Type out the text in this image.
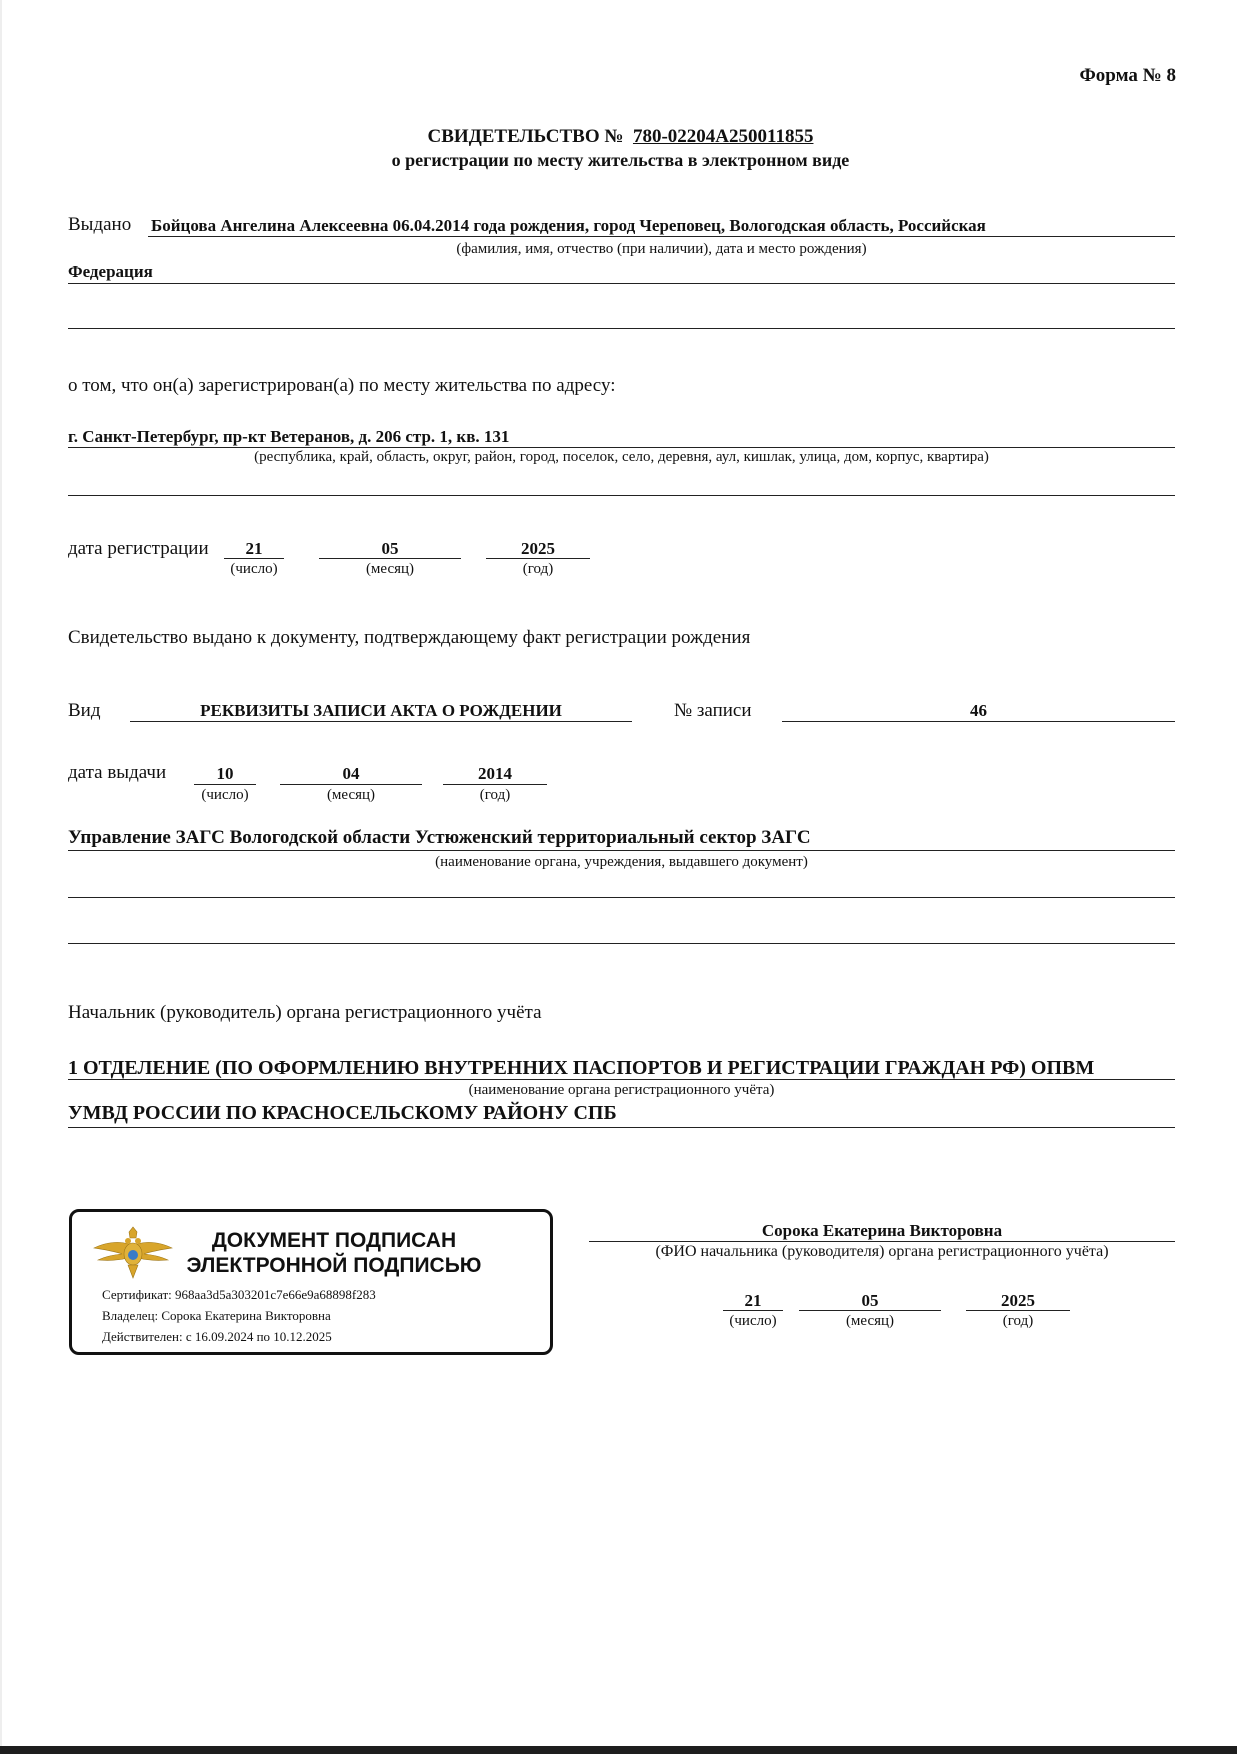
Форма № 8
СВИДЕТЕЛЬСТВО № 780-02204А250011855
о регистрации по месту жительства в электронном виде
Выдано Бойцова Ангелина Алексеевна 06.04.2014 года рождения, город Череповец, Вологодская область, Российская
(фамилия, имя, отчество (при наличии), дата и место рождения)
Федерация
о том, что он(а) зарегистрирован(а) по месту жительства по адресу:
г. Санкт-Петербург, пр-кт Ветеранов, д. 206 стр. 1, кв. 131
(республика, край, область, округ, район, город, поселок, село, деревня, аул, кишлак, улица, дом, корпус, квартира)
дата регистрации	21
(число)
05
(месяц)
2025
(год)
Свидетельство выдано к документу, подтверждающему факт регистрации рождения
Вид	РЕКВИЗИТЫ ЗАПИСИ АКТА О РОЖДЕНИИ	№ записи	46
дата выдачи	10
(число)
04
(месяц)
2014
(год)
Управление ЗАГС Вологодской области Устюженский территориальный сектор ЗАГС
(наименование органа, учреждения, выдавшего документ)
Начальник (руководитель) органа регистрационного учёта
1 ОТДЕЛЕНИЕ (ПО ОФОРМЛЕНИЮ ВНУТРЕННИХ ПАСПОРТОВ И РЕГИСТРАЦИИ ГРАЖДАН РФ) ОПВМ
(наименование органа регистрационного учёта)
УМВД РОССИИ ПО КРАСНОСЕЛЬСКОМУ РАЙОНУ СПБ
ДОКУМЕНТ ПОДПИСАН
ЭЛЕКТРОННОЙ ПОДПИСЬЮ
Сертификат: 968aa3d5a303201c7e66e9a68898f283
Владелец: Сорока Екатерина Викторовна
Действителен: с 16.09.2024 по 10.12.2025
Сорока Екатерина Викторовна
(ФИО начальника (руководителя) органа регистрационного учёта)
21
(число)
05
(месяц)
2025
(год)
